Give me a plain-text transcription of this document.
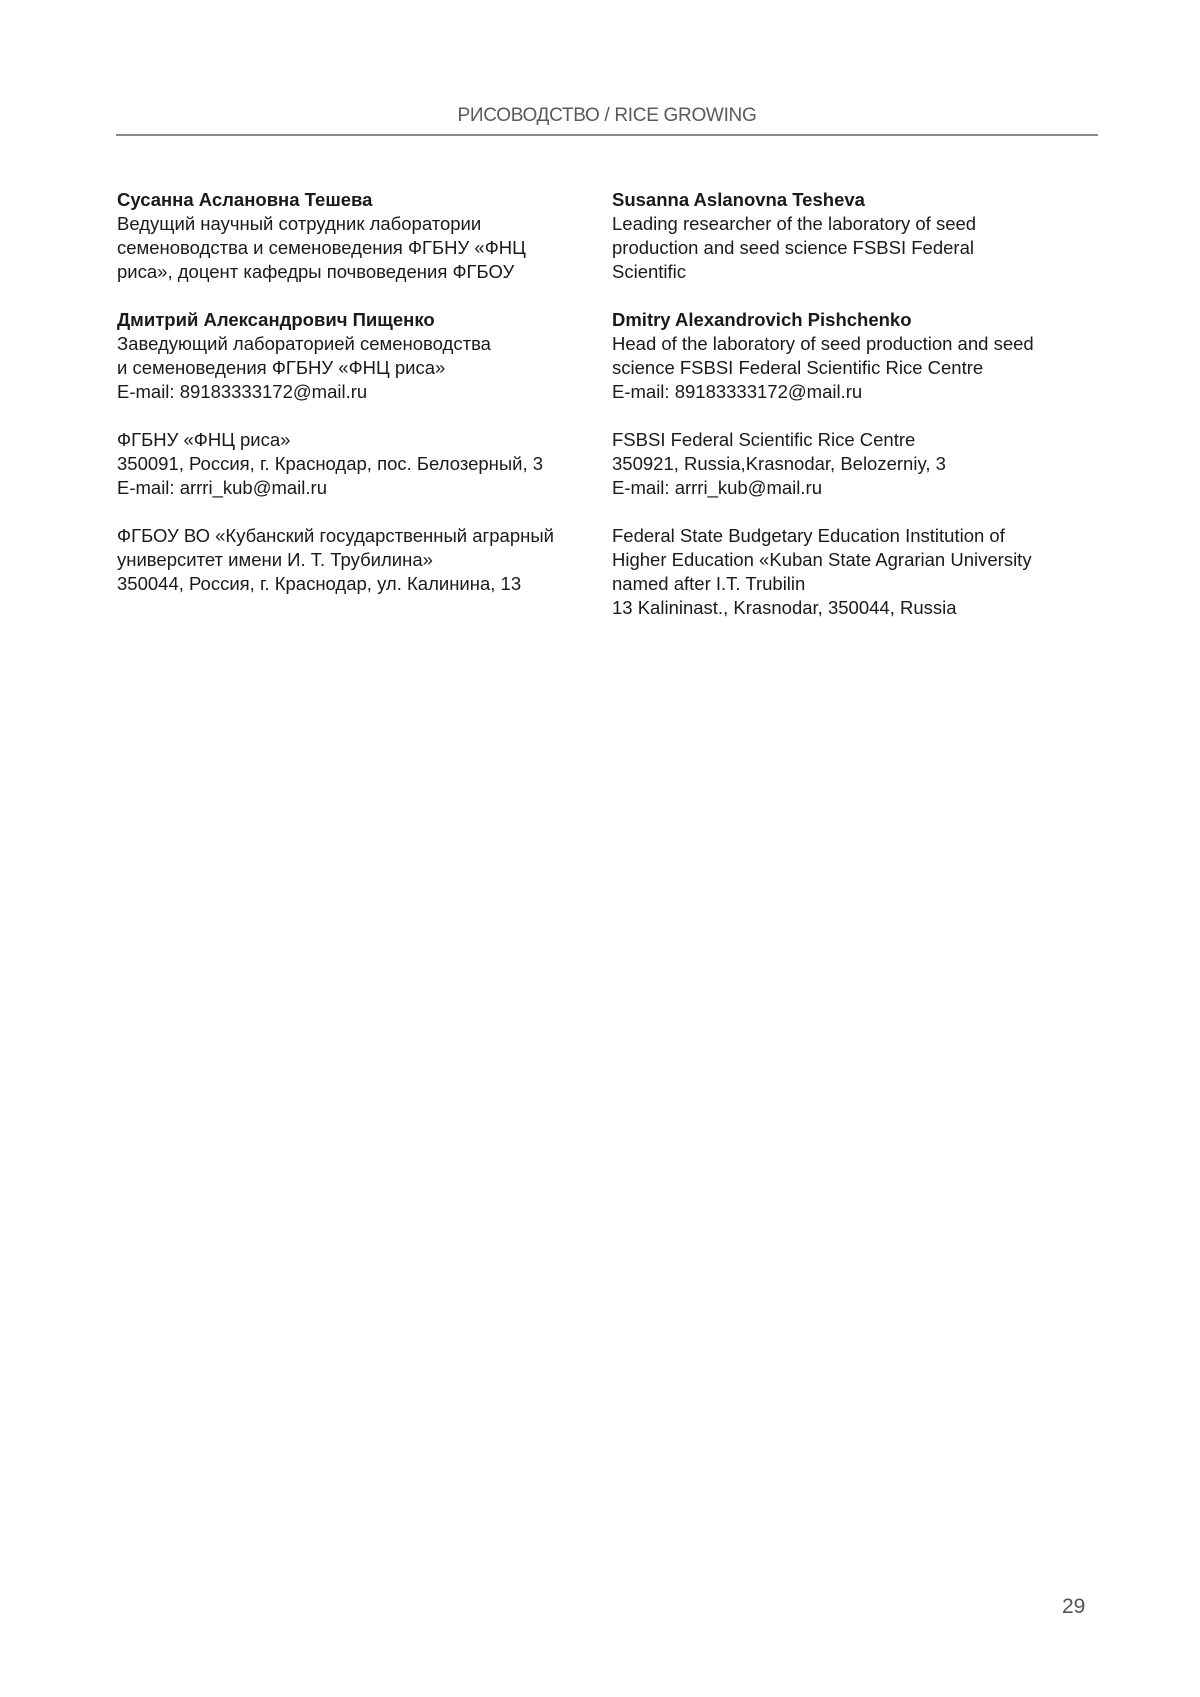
РИСОВОДСТВО / RICE GROWING
Сусанна Аслановна Тешева
Ведущий научный сотрудник лаборатории
семеноводства и семеноведения ФГБНУ «ФНЦ
риса», доцент кафедры почвоведения ФГБОУ
Дмитрий Александрович Пищенко
Заведующий лабораторией семеноводства
и семеноведения ФГБНУ «ФНЦ риса»
E-mail: 89183333172@mail.ru
ФГБНУ «ФНЦ риса»
350091, Россия, г. Краснодар, пос. Белозерный, 3
E-mail: arrri_kub@mail.ru
ФГБОУ ВО «Кубанский государственный аграрный
университет имени И. Т. Трубилина»
350044, Россия, г. Краснодар, ул. Калинина, 13
Susanna Aslanovna Tesheva
Leading researcher of the laboratory of seed
production and seed science FSBSI Federal
Scientific
Dmitry Alexandrovich Pishchenko
Head of the laboratory of seed production and seed
science FSBSI Federal Scientific Rice Centre
E-mail: 89183333172@mail.ru
FSBSI Federal Scientific Rice Centre
350921, Russia,Krasnodar, Belozerniy, 3
E-mail: arrri_kub@mail.ru
Federal State Budgetary Education Institution of
Higher Education «Kuban State Agrarian University
named after I.T. Trubilin
13 Kalininast., Krasnodar, 350044, Russia
29
